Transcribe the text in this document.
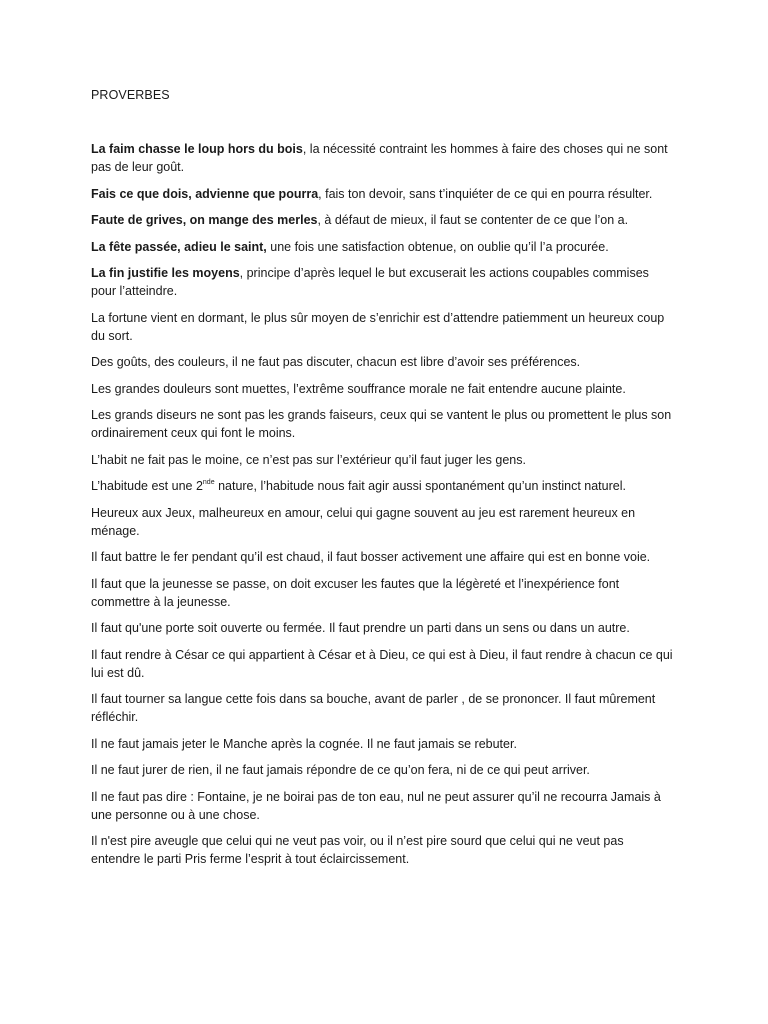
PROVERBES

La faim chasse le loup hors du bois, la nécessité contraint les hommes à faire des choses qui ne sont pas de leur goût.

Fais ce que dois, advienne que pourra, fais ton devoir, sans t’inquiéter de ce qui en pourra résulter.

Faute de grives, on mange des merles, à défaut de mieux, il faut se contenter de ce que l’on a.

La fête passée, adieu le saint, une fois une satisfaction obtenue, on oublie qu’il l’a procurée.

La fin justifie les moyens, principe d’après lequel le but excuserait les actions coupables commises pour l’atteindre.

La fortune vient en dormant, le plus sûr moyen de s’enrichir est d’attendre patiemment un heureux coup du sort.

Des goûts, des couleurs, il ne faut pas discuter, chacun est libre d’avoir ses préférences.

Les grandes douleurs sont muettes, l’extrême souffrance morale ne fait entendre aucune plainte.

Les grands diseurs ne sont pas les grands faiseurs, ceux qui se vantent le plus ou promettent le plus son ordinairement ceux qui font le moins.

L’habit ne fait pas le moine, ce n’est pas sur l’extérieur qu’il faut juger les gens.

L’habitude est une 2nde nature, l’habitude nous fait agir aussi spontanément qu’un instinct naturel.

Heureux aux Jeux, malheureux en amour, celui qui gagne souvent au jeu est rarement heureux en ménage.

Il faut battre le fer pendant qu’il est chaud, il faut bosser activement une affaire qui est en bonne voie.

Il faut que la jeunesse se passe, on doit excuser les fautes que la légèreté et l’inexpérience font commettre à la jeunesse.

Il faut qu'une porte soit ouverte ou fermée. Il faut prendre un parti dans un sens ou dans un autre.

Il faut rendre à César ce qui appartient à César et à Dieu, ce qui est à Dieu, il faut rendre à chacun ce qui lui est dû.

Il faut tourner sa langue cette fois dans sa bouche, avant de parler , de se prononcer. Il faut mûrement réfléchir.

Il ne faut jamais jeter le Manche après la cognée. Il ne faut jamais se rebuter.

Il ne faut jurer de rien, il ne faut jamais répondre de ce qu’on fera, ni de ce qui peut arriver.

Il ne faut pas dire : Fontaine, je ne boirai pas de ton eau, nul ne peut assurer qu’il ne recourra Jamais à une personne ou à une chose.

Il n'est pire aveugle que celui qui ne veut pas voir, ou il n’est pire sourd que celui qui ne veut pas entendre le parti Pris ferme l’esprit à tout éclaircissement.
